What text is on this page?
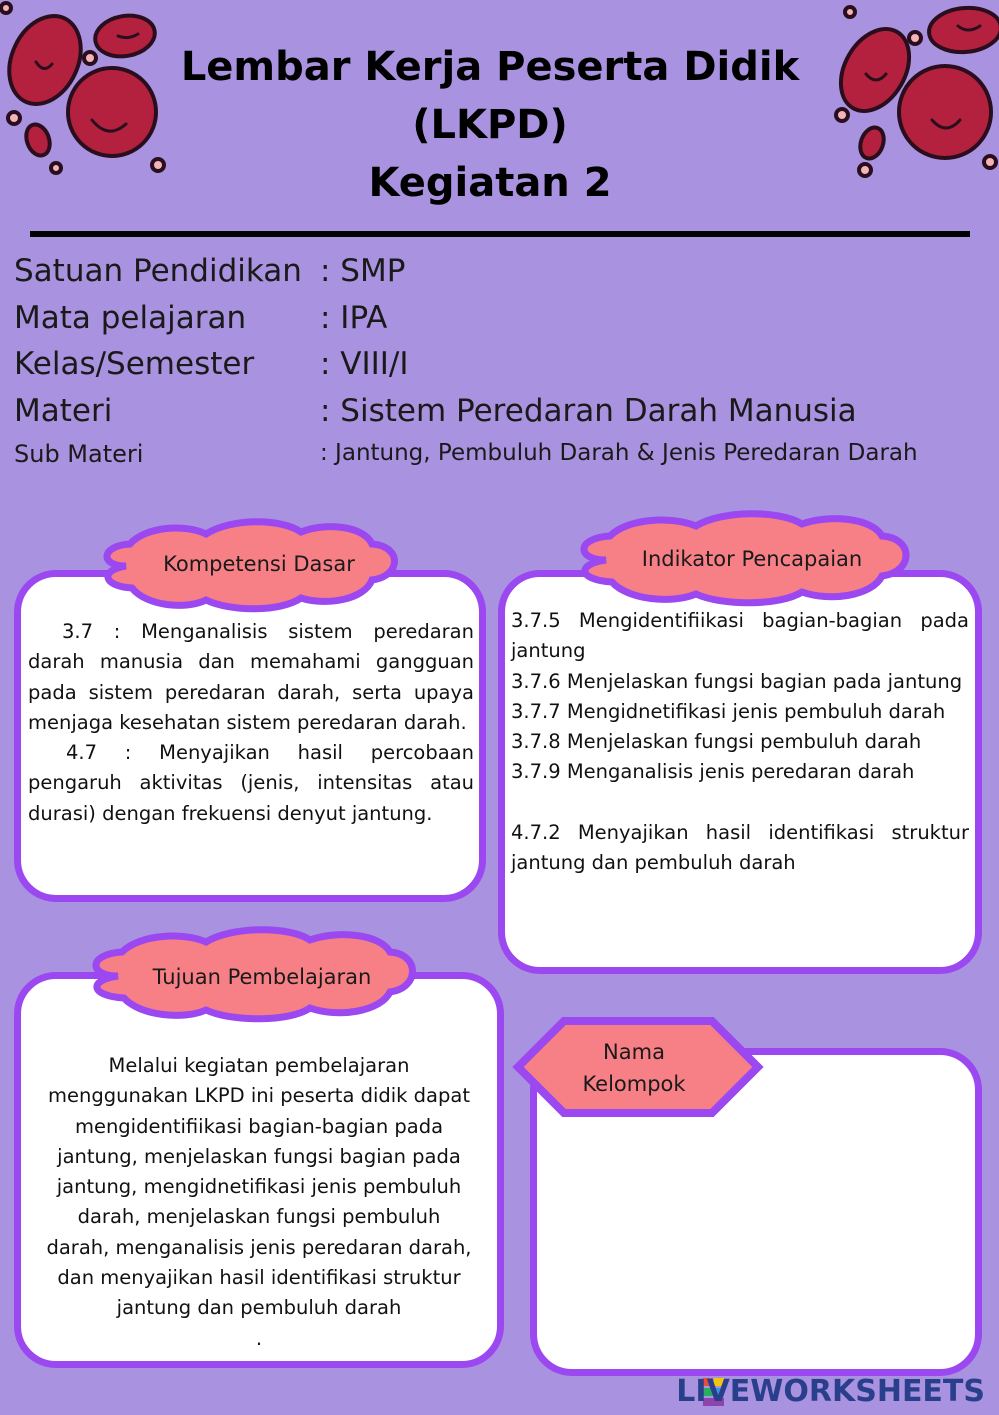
Lembar Kerja Peserta Didik
(LKPD)
Kegiatan 2
Satuan Pendidikan : SMP
Mata pelajaran : IPA
Kelas/Semester : VIII/I
Materi	: Sistem Peredaran Darah Manusia
Sub Materi	: Jantung, Pembuluh Darah & Jenis Peredaran Darah

3.7 : Menganalisis sistem peredaran darah manusia dan memahami gangguan pada sistem peredaran darah, serta upaya menjaga kesehatan sistem peredaran darah.

4.7 : Menyajikan hasil percobaan pengaruh aktivitas (jenis, intensitas atau durasi) dengan frekuensi denyut jantung.

Kompetensi Dasar

3.7.5 Mengidentifiikasi bagian-bagian pada jantung

3.7.6 Menjelaskan fungsi bagian pada jantung

3.7.7 Mengidnetifikasi jenis pembuluh darah

3.7.8 Menjelaskan fungsi pembuluh darah

3.7.9 Menganalisis jenis peredaran darah

4.7.2 Menyajikan hasil identifikasi struktur jantung dan pembuluh darah

Indikator Pencapaian
Melalui kegiatan pembelajaran
menggunakan LKPD ini peserta didik dapat
mengidentifiikasi bagian-bagian pada
jantung, menjelaskan fungsi bagian pada
jantung, mengidnetifikasi jenis pembuluh
darah, menjelaskan fungsi pembuluh
darah, menganalisis jenis peredaran darah,
dan menyajikan hasil identifikasi struktur
jantung dan pembuluh darah
.
Tujuan Pembelajaran
Nama
Kelompok
LIVEWORKSHEETS
